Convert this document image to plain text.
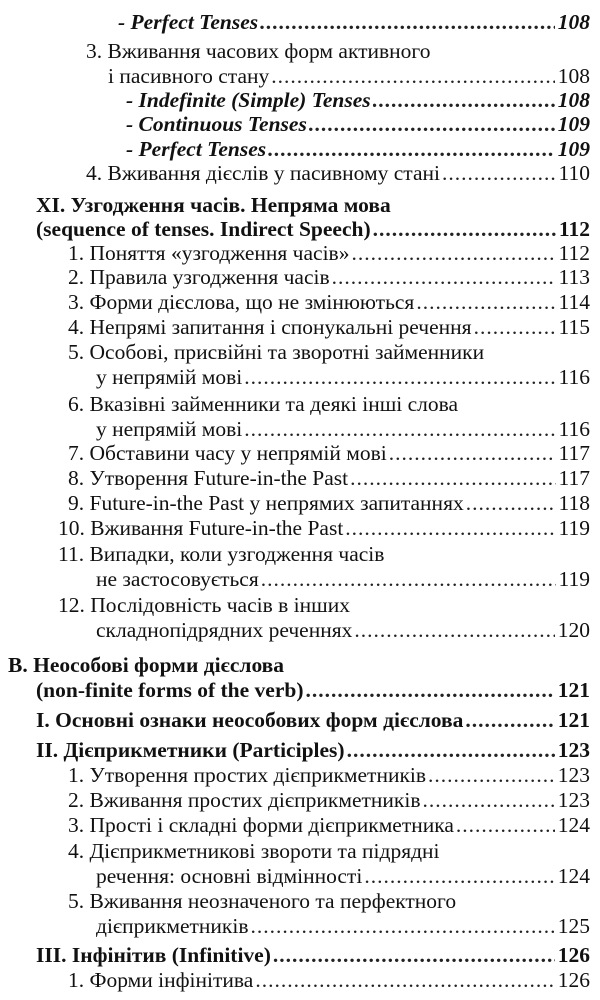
- Perfect Tenses .....	108
3. Вживання часових форм активного
і пасивного стану .....	108
- Indefinite (Simple) Tenses .....	108
- Continuous Tenses .....	109
- Perfect Tenses .....	109
4. Вживання дієслів у пасивному стані .....	110
XI. Узгодження часів. Непряма мова
(sequence of tenses. Indirect Speech) .....	112
1. Поняття «узгодження часів» .....	112
2. Правила узгодження часів .....	113
3. Форми дієслова, що не змінюються .....	114
4. Непрямі запитання і спонукальні речення .....	115
5. Особові, присвійні та зворотні займенники
у непрямій мові .....	116
6. Вказівні займенники та деякі інші слова
у непрямій мові .....	116
7. Обставини часу у непрямій мові .....	117
8. Утворення Future-in-the Past .....	117
9. Future-in-the Past у непрямих запитаннях .....	118
10. Вживання Future-in-the Past .....	119
11. Випадки, коли узгодження часів
не застосовується .....	119
12. Послідовність часів в інших
складнопідрядних реченнях .....	120
В. Неособові форми дієслова
(non-finite forms of the verb) .....	121
I. Основні ознаки неособових форм дієслова .....	121
II. Дієприкметники (Participles) .....	123
1. Утворення простих дієприкметників .....	123
2. Вживання простих дієприкметників .....	123
3. Прості і складні форми дієприкметника .....	124
4. Дієприкметникові звороти та підрядні
речення: основні відмінності .....	124
5. Вживання неозначеного та перфектного
дієприкметників .....	125
III. Інфінітив (Infinitive) .....	126
1. Форми інфінітива .....	126
